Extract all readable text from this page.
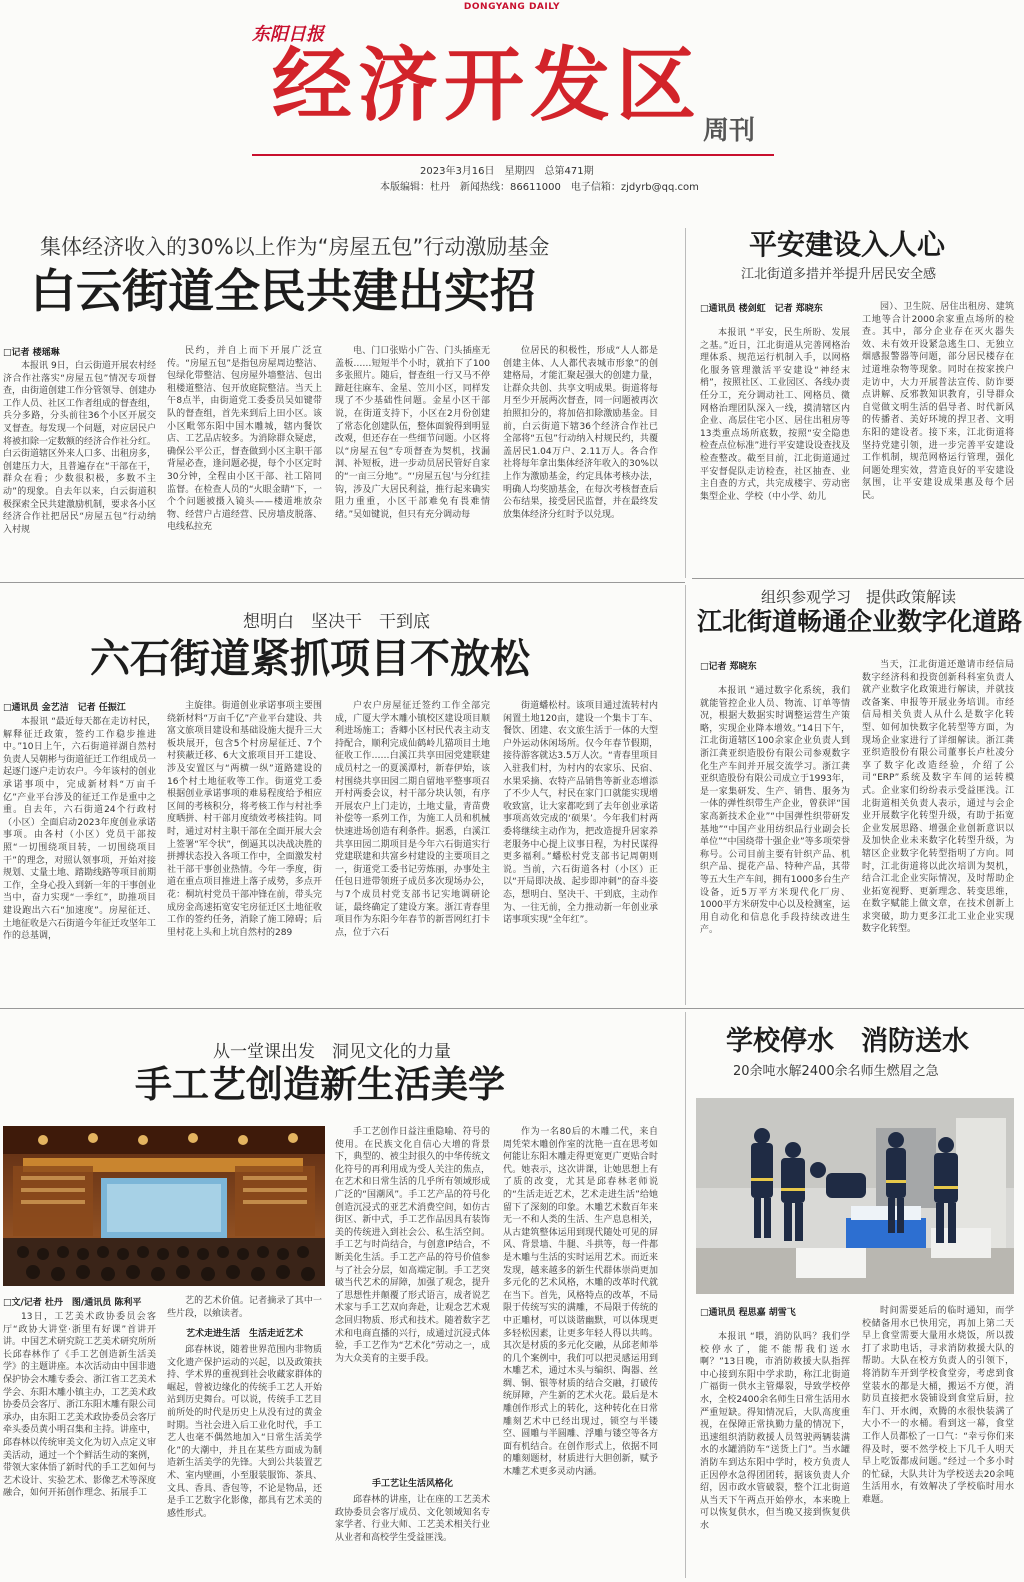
DONGYANG DAILY
东阳日报
经济开发区 周刊
2023年3月16日　星期四　总第471期
本版编辑：杜丹　新闻热线：86611000　电子信箱：zjdyrb@qq.com
集体经济收入的30%以上作为“房屋五包”行动激励基金
白云街道全民共建出实招
□记者 楼瑶琳
本报讯 9日，白云街道开展农村经济合作社落实“房屋五包”情况专项督查，由街道创建工作分管领导、创建办工作人员、社区工作者组成的督查组，兵分多路，分头前往36个小区开展交叉督查。每发现一个问题，对应居民户将被扣除一定数额的经济合作社分红。白云街道辖区外来人口多、出租房多，创建压力大，且普遍存在“干部在干，群众在看；少数很积极，多数不主动”的现象。自去年以来，白云街道积极探索全民共建激励机制，要求各小区经济合作社把居民“房屋五包”行动纳入村规
民约，并自上而下开展广泛宣传。“房屋五包”是指包房屋周边整洁、包绿化带整洁、包房屋外墙整洁、包出租楼道整洁、包开放庭院整洁。当天上午8点半，由街道党工委委员吴如键带队的督查组，首先来到后上田小区。该小区毗邻东阳中国木雕城，辖内餐饮店、工艺品店较多。为消除群众疑虑，确保公平公正，督查做到小区主职干部背屋必查，逢问题必提，每个小区定时30分钟，全程由小区干部、社工陪同监督。在检查人员的“火眼金睛”下，一个个问题被摄入镜头——楼道堆放杂物、经营户占道经营、民房墙皮脱落、电线私拉充
电、门口张贴小广告、门头插座无盖板……短短半个小时，就拍下了100多张照片。随后，督查组一行又马不停蹄赶往麻车、金星、笠川小区，同样发现了不少基础性问题。金星小区干部说，在街道支持下，小区在2月份创建了常态化创建队伍，整体面貌得到明显改观，但还存在一些细节问题。小区将以“房屋五包”专项督查为契机，找漏洞、补短板，进一步动员居民管好自家的“一亩三分地”。“‘房屋五包’与分红挂钩，涉及广大居民利益，推行起来确实阻力重重，小区干部难免有畏难情绪。”吴如键说，但只有充分调动每
位居民的积极性，形成“人人都是创建主体、人人都代表城市形象”的创建格局，才能汇聚起强大的创建力量，让群众共创、共享文明成果。街道将每月至少开展两次督查，同一问题被再次拍照扣分的，将加倍扣除激励基金。目前，白云街道下辖36个经济合作社已全部将“五包”行动纳入村规民约，共覆盖居民1.04万户、2.11万人。各合作社将每年拿出集体经济年收入的30%以上作为激励基金，约定具体考核办法，明确人均奖励基金，在每次考核督查后公布结果，接受居民监督，并在最终发放集体经济分红时予以兑现。
平安建设入人心
江北街道多措并举提升居民安全感
□通讯员 楼剑虹　记者 郑晓东
本报讯 “平安，民生所盼、发展之基。”近日，江北街道从完善网格治理体系、规范运行机制入手，以网格化服务管理激活平安建设“神经末梢”，按照社区、工业园区、各线办责任分工，充分调动社工、网格员、微网格治理团队深入一线，摸清辖区内企业、高层住宅小区、居住出租房等13类重点场所底数，按照“安全隐患检查点位标准”进行平安建设设查找及检查整改。截至目前，江北街道通过平安督促队走访检查，社区抽查、业主自查的方式，共完成楼宇、劳动密集型企业、学校（中小学、幼儿
园）、卫生院、居住出租房、建筑工地等合计2000余家重点场所的检查。其中，部分企业存在灭火器失效、未有效开设紧急逃生口、无独立烟感报警器等问题，部分居民楼存在过道堆杂物等现象。同时在按家挨户走访中，大力开展普法宣传、防诈要点讲解、反邪教知识教育，引导群众自觉做文明生活的倡导者、时代新风的传播者、美好环境的捍卫者、文明东阳的建设者。接下来，江北街道将坚持党建引领，进一步完善平安建设工作机制，规范网格运行管理，强化问题处理实效，营造良好的平安建设氛围，让平安建设成果惠及每个居民。
想明白　坚决干　干到底
六石街道紧抓项目不放松
□通讯员 金艺洁　记者 任振江
本报讯 “最近每天都在走访村民，解释征迁政策，签约工作稳步推进中。”10日上午，六石街道祥湖自然村负责人吴朝彬与街道征迁工作组成员一起逐门逐户走访农户。今年该村的创业承诺事项中，完成新材料“万亩千亿”产业平台涉及的征迁工作是重中之重。自去年，六石街道24个行政村（小区）全面启动2023年度创业承诺事项。由各村（小区）党员干部按照“一切围绕项目转，一切围绕项目干”的理念，对照认领事项，开始对接规划、丈量土地、踏勘线路等项目前期工作，全身心投入到新一年的干事创业当中，奋力实现“一季红”，助推项目建设跑出六石“加速度”。房屋征迁、土地征收是六石街道今年征迁攻坚年工作的总基调，
主旋律。街道创业承诺事项主要围绕新材料“万亩千亿”产业平台建设、共富文旅项目建设和基础设施大提升三大板块展开，包含5个村房屋征迁、7个村狭蔽迁移、6大文旅项目开工建设、涉及安置区与“两横一纵”道路建设的16个村土地征收等工作。街道党工委根据创业承诺事项的难易程度给予相应区间的考核积分，将考核工作与村社季度晒拼、村干部月度绩效考核挂钩。同时，通过对村主职干部在全面开展大会上签署“军令状”，倒逼其以决战决胜的拼搏状态投入各项工作中，全面激发村社干部干事创业热情。今年一季度，街道在重点项目推进上落子成势，多点开花：桐坑村党员干部冲锋在前，带头完成房金高速拓宽安宅房征迁区土地征收工作的签约任务，消除了施工障碍；后里村花上头和上坑自然村的289
户农户房屋征迁签约工作全部完成，广厦大学木雕小镇校区建设项目顺利进场施工；香卿小区村民代表主动支持配合，顺利完成仙鹤岭儿猫项目土地征收工作……白溪江共享田园党建联建成员村之一的夏溪潭村，新春伊始，该村围绕共享田园二期自留地平整事项召开村两委会议，村干部分块认领，有序开展农户上门走访，土地丈量，青苗费补偿等一系列工作，为施工人员和机械快速进场创造有利条件。据悉，白溪江共享田园二期项目是今年六石街道实行党建联建和共富乡村建设的主要项目之一，街道党工委书记劳炼丽，办事处主任包日进带领班子成员多次现场办公，与7个成员村党支部书记实地调研论证，最终确定了建设方案。浙江青春里项目作为东阳今年春节的新晋网红打卡点，位于六石
街道蟠松村。该项目通过流转村内闲置土地120亩，建设一个集卡丁车、餐饮、团建、农文旅生活于一体的大型户外运动休闲场所。仅今年春节假期，接待游客就达3.5万人次。“青春里项目入驻我们村，为村内的农家乐、民宿、水果采摘、农特产品销售等新业态增添了不少人气，村民在家门口就能实现增收致富，让大家都吃到了去年创业承诺事项高效完成的‘硕果’。今年我们村两委将继续主动作为，把改造提升居家养老服务中心提上议事日程，为村民谋得更多福利。”蟠松村党支部书记周朝则说。当前，六石街道各村（小区）正以“开局即决战、起步即冲刺”的奋斗姿态，想明白、坚决干、干到底，主动作为、一往无前，全力推动新一年创业承诺事项实现“全年红”。
组织参观学习　提供政策解读
江北街道畅通企业数字化道路
□记者 郑晓东
本报讯 “通过数字化系统，我们就能管控企业人员、物流、订单等情况，根据大数据实时调整运营生产策略，实现企业降本增效。”14日下午，江北街道辖区100余家企业负责人到浙江龚亚织造股份有限公司参观数字化生产车间并开展交流学习。浙江龚亚织造股份有限公司成立于1993年，是一家集研发、生产、销售、服务为一体的弹性织带生产企业，曾获评“国家高新技术企业”“中国弹性织带研发基地”“中国产业用纺织品行业副会长单位”“中国绕带十强企业”等多项荣誉称号。公司目前主要有针织产品、机织产品、提花产品、特种产品，其带等五大生产车间，拥有1000多台生产设备，近5万平方米现代化厂房、1000平方米研发中心以及检测室，运用自动化和信息化手段持续改进生产。
当天，江北街道还邀请市经信局数字经济科和投资创新科科室负责人就产业数字化政策进行解读，并就技改备案、申报等开展业务培训。市经信局相关负责人从什么是数字化转型、如何加快数字化转型等方面，为现场企业家进行了详细解读。浙江龚亚织造股份有限公司董事长卢杜凌分享了数字化改造经验，介绍了公司“ERP”系统及数字车间的运转模式。企业家们纷纷表示受益匪浅。江北街道相关负责人表示，通过与会企业开展数字化转型升级，有助于拓宽企业发展思路、增强企业创新意识以及加快企业未来数字化转型升级，为辖区企业数字化转型指明了方向。同时，江北街道将以此次培训为契机，结合江北企业实际情况，及时帮助企业拓宽视野、更新理念、转变思维，在数字赋能上做文章，在技术创新上求突破，助力更多江北工业企业实现数字化转型。
从一堂课出发　洞见文化的力量
手工艺创造新生活美学
□文/记者 杜丹　图/通讯员 陈利平
13日，工艺美术政协委员会客厅“政协大讲堂·浙里有好课”首讲开讲。中国艺术研究院工艺美术研究所所长邱春林作了《手工艺创造新生活美学》的主题讲座。本次活动由中国非遗保护协会木雕专委会、浙江省工艺美术学会、东阳木雕小镇主办，工艺美术政协委员会客厅、浙江东阳木雕有限公司承办，由东阳工艺美术政协委员会客厅牵头委员黄小明召集和主持。讲座中，邱春林以传统审美文化为切入点定义审美活动，通过一个个鲜活生动的案例，带领大家体悟了新时代的手工艺如何与艺术设计、实验艺术、影像艺术等深度融合，如何开拓创作理念、拓展手工
艺的艺术价值。记者摘录了其中一些片段，以飨读者。
艺术走进生活　生活走近艺术
邱春林说，随着世界范围内非物质文化遗产保护运动的兴起，以及政策扶持、学术界的重视到社会收藏家群体的崛起，曾被边缘化的传统手工艺人开始站到历史舞台。可以说，传统手工艺目前所处的时代是历史上从没有过的黄金时期。当社会进入后工业化时代，手工艺人也毫不偶然地加入“日常生活美学化”的大潮中，并且在某些方面成为制造新生活美学的先锋。大到公共装置艺术、室内壁画，小至服装服饰、茶具、文具、香具、香包等，不论是物品，还是手工艺数字化影像，都具有艺术美的感性形式。
手工艺创作日益注重隐喻、符号的使用。在民族文化自信心大增的背景下，典型的、被尘封很久的中华传统文化符号的再利用成为受人关注的焦点，在艺术和日常生活的几乎所有领域形成广泛的“国潮风”。手工艺产品的符号化创造沉浸式的亚艺术消费空间，如仿古街区、新中式，手工艺作品因具有装饰美的传统进入到社会公、私生活空间。手工艺与时尚结合，与创意IP结合，不断美化生活。手工艺产品的符号价值参与了社会分层，如高端定制。手工艺突破当代艺术的屏障，加强了观念，提升了思想性并颠覆了形式语言，成者说艺术家与手工艺双向奔赴，让观念艺术观念回归物质、形式和技术。随着数字艺术和电商直播的兴行，成通过沉浸式体验，手工艺作为“艺术化”劳动之一，成为大众美育的主要手段。
手工艺让生活风格化
邱春林的讲座，让在座的工艺美术政协委员会客厅成员、文化领域知名专家学者、行业大师、工艺美术相关行业从业者和高校学生受益匪浅。
作为一名80后的木雕二代，来自周凭荣木雕创作室的沈艳一直在思考如何能让东阳木雕走得更宽更广更贴合时代。她表示，这次讲课，让她思想上有了质的改变，尤其是邱春林老师说的“生活走近艺术，艺术走进生活”给她留下了深刻的印象。木雕艺术数百年来无一不和人类的生活、生产息息相关，从古建筑整体运用到现代随处可见的屏风、背景墙、牛腿、斗拱等，每一件都是木雕与生活的实时运用艺术。而近来发现，越来越多的新生代群体崇尚更加多元化的艺术风格，木雕的改革时代就在当下。首先，风格特点的改革，不局限于传统写实的满雕，不局限于传统的中正雕材，可以谈谐幽默，可以体现更多轻松因素，让更多年轻人得以共鸣。其次是材质的多元化交融，从邱老师举的几个案例中，我们可以把灵感运用到木雕艺术，通过木头与编织、陶器、丝绸、铜、银等材质的结合交融，打破传统屏障，产生新的艺术火花。最后是木雕创作形式上的转化，这种转化在日常雕刻艺术中已经出现过，锁空与半镂空、圆雕与半圆雕、浮雕与镂空等各方面有机结合。在创作形式上，依据不同的雕刻题材，材质进行大胆创新，赋予木雕艺术更多灵动内涵。
学校停水　消防送水
20余吨水解2400余名师生燃眉之急
□通讯员 程思嘉 胡雪飞
本报讯 “喂，消防队吗？我们学校停水了，能不能帮我们送水啊？”13日晚，市消防救援大队指挥中心接到东阳中学求助，称江北街道广福街一供水主管爆裂，导致学校停水，全校2400余名师生日常生活用水严重短缺。得知情况后，大队高度重视，在保障正常执勤力量的情况下，迅速组织消防救援人员驾驶两辆装满水的水罐消防车“送货上门”。当水罐消防车到达东阳中学时，校方负责人正因停水急得团团转，据该负责人介绍，因市政水管破裂，整个江北街道从当天下午两点开始停水，本来晚上可以恢复供水，但当晚又接到恢复供水
时间需要延后的临时通知，而学校储备用水已快用完，再加上第二天早上食堂需要大量用水烧饭，所以拨打了求助电话，寻求消防救援大队的帮助。大队在校方负责人的引领下，将消防车开到学校食堂旁，考虑到食堂装水的都是大桶，搬运不方便，消防员直接把水袋铺设到食堂后厨，拉车门、开水阀，欢腾的水很快装满了大小不一的水桶。看到这一幕，食堂工作人员都松了一口气：“幸亏你们来得及时，要不然学校上下几千人明天早上吃饭都成问题。”经过一个多小时的忙碌，大队共计为学校送去20余吨生活用水，有效解决了学校临时用水难题。
